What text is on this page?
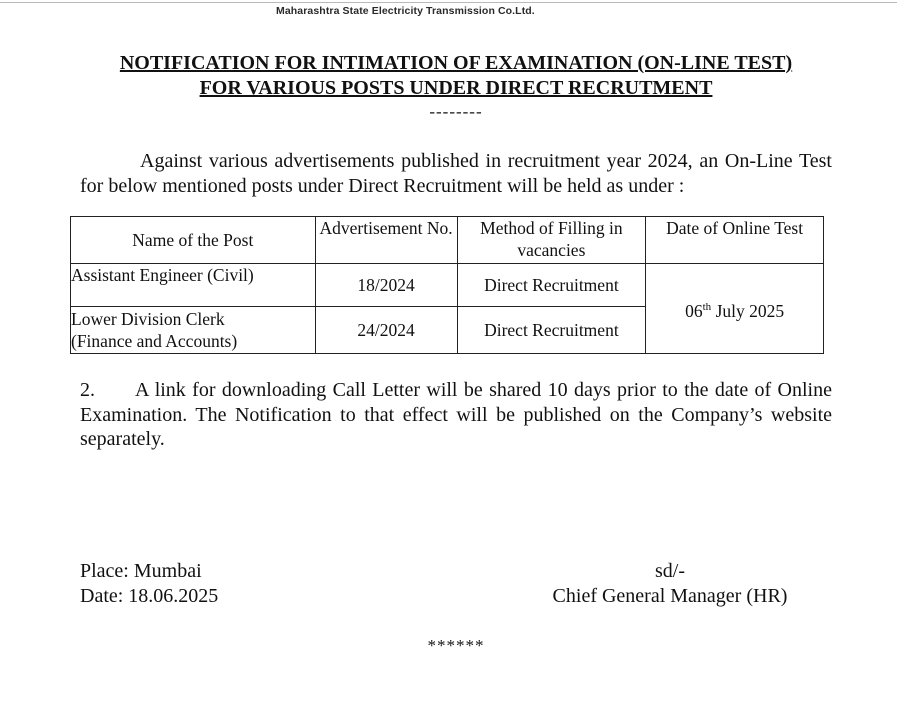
Maharashtra State Electricity Transmission Co.Ltd.
NOTIFICATION FOR INTIMATION OF EXAMINATION (ON-LINE TEST)
FOR VARIOUS POSTS UNDER DIRECT RECRUTMENT
--------
Against various advertisements published in recruitment year 2024, an On-Line Test for below mentioned posts under Direct Recruitment will be held as under :
Name of the Post	Advertisement No.	Method of Filling in vacancies	Date of Online Test
Assistant Engineer (Civil)	18/2024	Direct Recruitment	06th July 2025
Lower Division Clerk (Finance and Accounts)	24/2024	Direct Recruitment	
2. A link for downloading Call Letter will be shared 10 days prior to the date of Online Examination. The Notification to that effect will be published on the Company’s website separately.
Place: Mumbai
Date: 18.06.2025
sd/-
Chief General Manager (HR)
******
